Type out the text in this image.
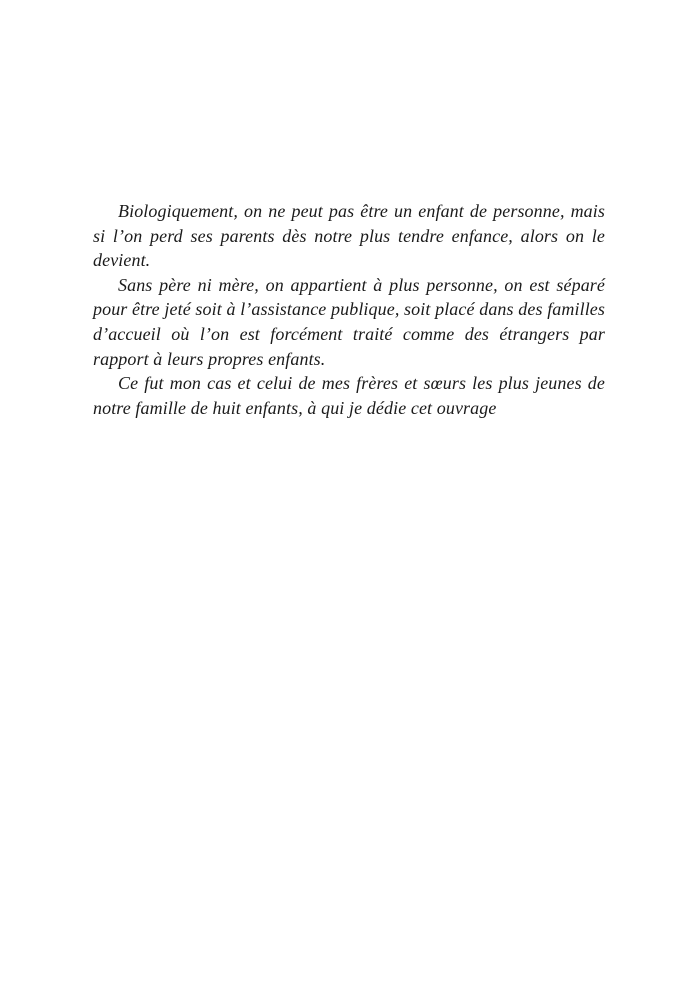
Biologiquement, on ne peut pas être un enfant de personne, mais
si l’on perd ses parents dès notre plus tendre enfance, alors on le
devient.
Sans père ni mère, on appartient à plus personne, on est séparé
pour être jeté soit à l’assistance publique, soit placé dans des familles
d’accueil où l’on est forcément traité comme des étrangers par
rapport à leurs propres enfants.
Ce fut mon cas et celui de mes frères et sœurs les plus jeunes de
notre famille de huit enfants, à qui je dédie cet ouvrage
